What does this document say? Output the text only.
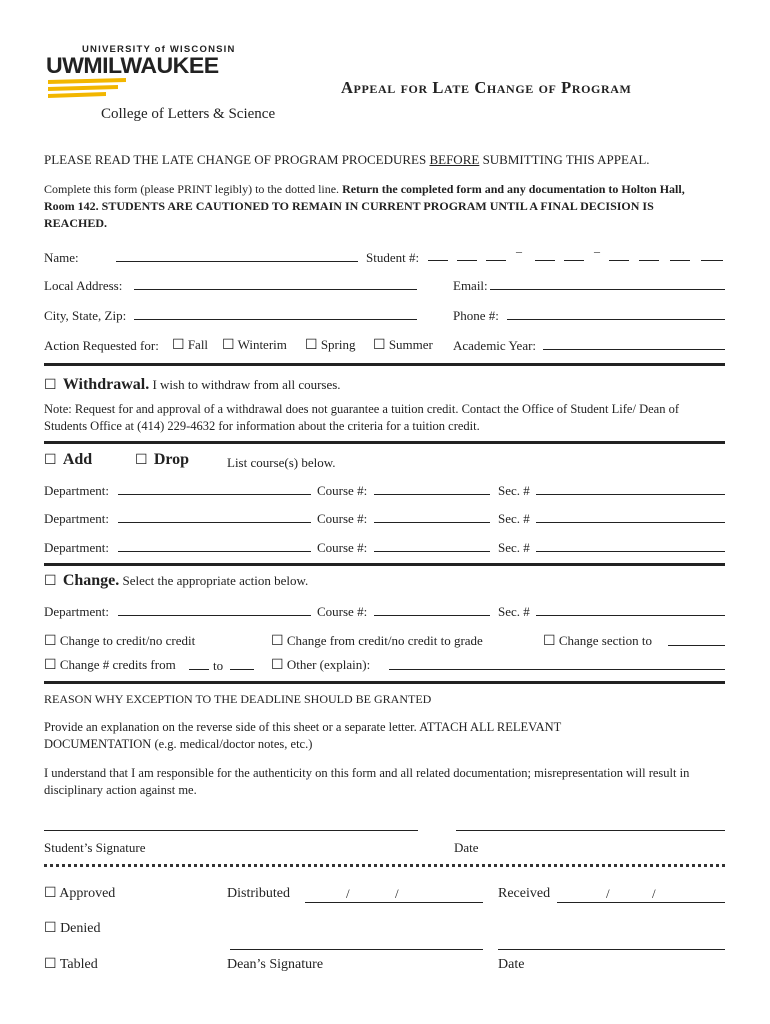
UNIVERSITY of WISCONSIN
UWMILWAUKEE
Appeal for Late Change of Program
College of Letters & Science
PLEASE READ THE LATE CHANGE OF PROGRAM PROCEDURES BEFORE SUBMITTING THIS APPEAL.
Complete this form (please PRINT legibly) to the dotted line. Return the completed form and any documentation to Holton Hall, Room 142. STUDENTS ARE CAUTIONED TO REMAIN IN CURRENT PROGRAM UNTIL A FINAL DECISION IS REACHED.
Name:	Student #:	–	–
Local Address:	Email:
City, State, Zip:	Phone #:
Action Requested for: ☐ Fall ☐ Winterim ☐ Spring ☐ Summer Academic Year:
☐ Withdrawal. I wish to withdraw from all courses.
Note: Request for and approval of a withdrawal does not guarantee a tuition credit. Contact the Office of Student Life/ Dean of Students Office at (414) 229-4632 for information about the criteria for a tuition credit.
☐ Add	☐ Drop	List course(s) below.
Department:	Course #:	Sec. #
Department:	Course #:	Sec. #
Department:	Course #:	Sec. #
☐ Change. Select the appropriate action below.
Department:	Course #:	Sec. #
☐ Change to credit/no credit	☐ Change from credit/no credit to grade	☐ Change section to
☐ Change # credits from	to	☐ Other (explain):
REASON WHY EXCEPTION TO THE DEADLINE SHOULD BE GRANTED
Provide an explanation on the reverse side of this sheet or a separate letter. ATTACH ALL RELEVANT DOCUMENTATION (e.g. medical/doctor notes, etc.)
I understand that I am responsible for the authenticity on this form and all related documentation; misrepresentation will result in disciplinary action against me.
Student’s Signature	Date
☐ Approved	Distributed	/	/	Received	/	/
☐ Denied
☐ Tabled	Dean’s Signature	Date
